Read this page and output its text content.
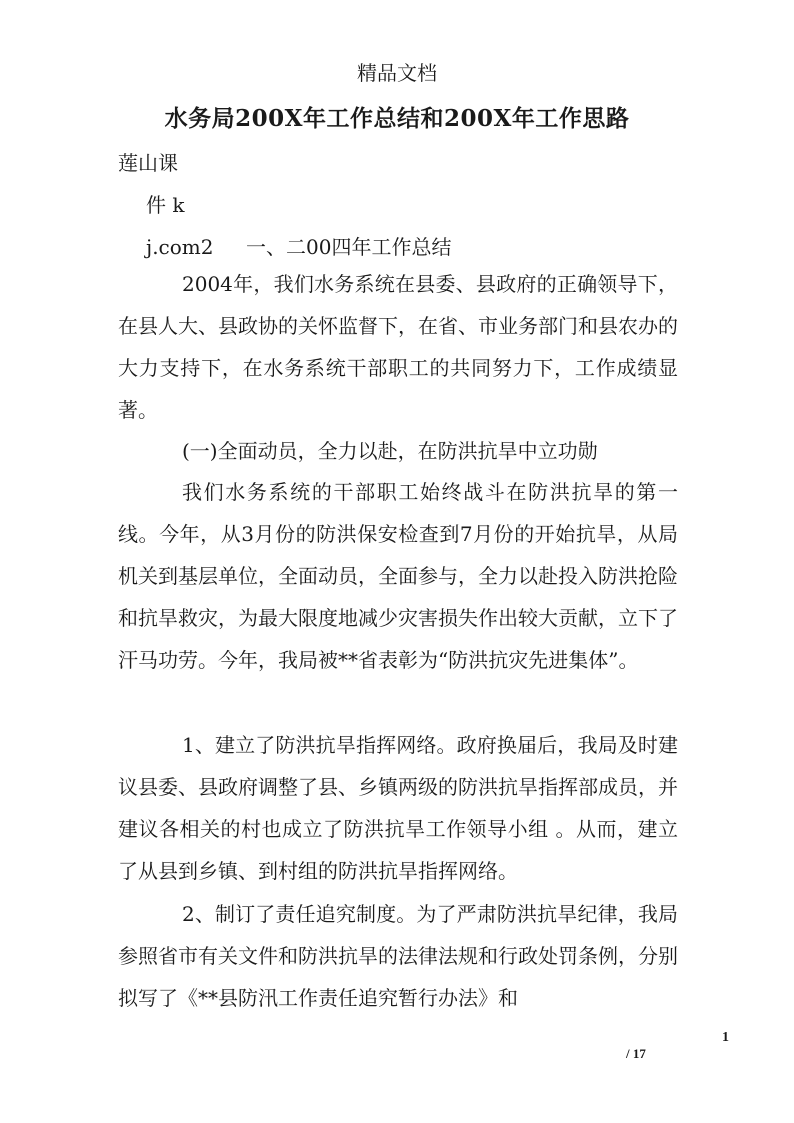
精品文档
水务局200X年工作总结和200X年工作思路
莲山课
件 k
j.com2 一、二00四年工作总结
2004年，我们水务系统在县委、县政府的正确领导下，在县人大、县政协的关怀监督下，在省、市业务部门和县农办的大力支持下，在水务系统干部职工的共同努力下，工作成绩显著。
(一)全面动员，全力以赴，在防洪抗旱中立功勋
我们水务系统的干部职工始终战斗在防洪抗旱的第一线。今年，从3月份的防洪保安检查到7月份的开始抗旱，从局机关到基层单位，全面动员，全面参与，全力以赴投入防洪抢险和抗旱救灾，为最大限度地减少灾害损失作出较大贡献，立下了汗马功劳。今年，我局被**省表彰为“防洪抗灾先进集体”。
1、建立了防洪抗旱指挥网络。政府换届后，我局及时建议县委、县政府调整了县、乡镇两级的防洪抗旱指挥部成员，并建议各相关的村也成立了防洪抗旱工作领导小组 。从而，建立了从县到乡镇、到村组的防洪抗旱指挥网络。
2、制订了责任追究制度。为了严肃防洪抗旱纪律，我局参照省市有关文件和防洪抗旱的法律法规和行政处罚条例，分别拟写了《**县防汛工作责任追究暂行办法》和
1
/ 17
